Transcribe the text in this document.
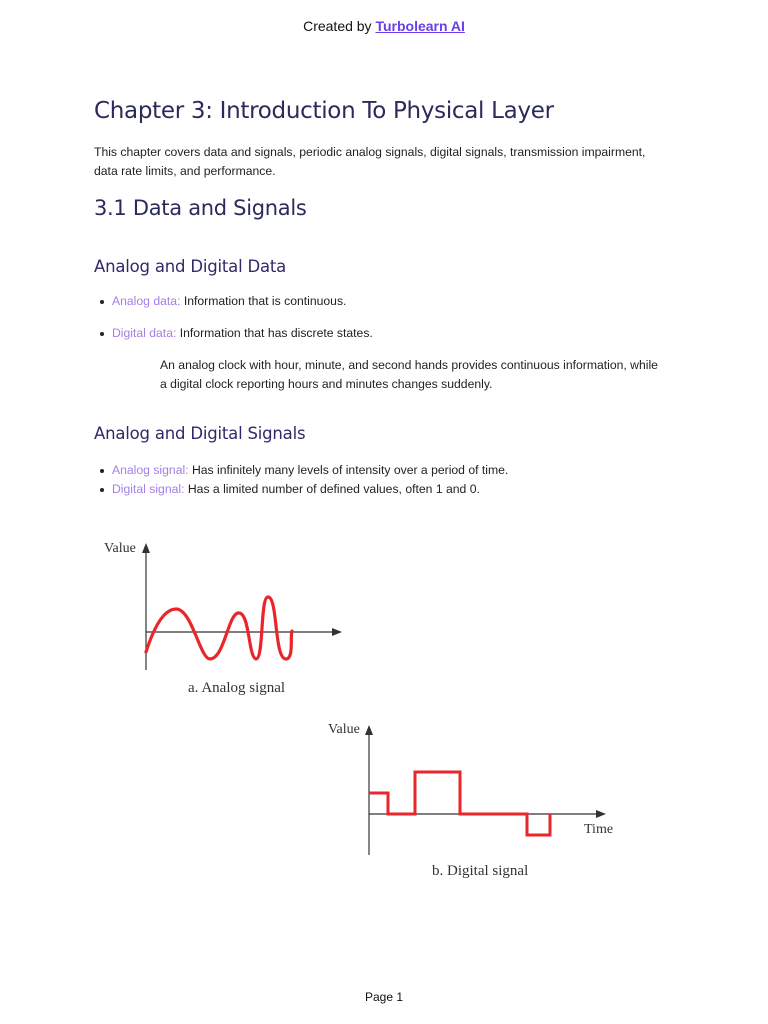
Created by Turbolearn AI
Chapter 3: Introduction To Physical Layer

This chapter covers data and signals, periodic analog signals, digital signals, transmission impairment, data rate limits, and performance.

3.1 Data and Signals
Analog and Digital Data
Analog data: Information that is continuous.
Digital data: Information that has discrete states.

An analog clock with hour, minute, and second hands provides continuous information, while a digital clock reporting hours and minutes changes suddenly.

Analog and Digital Signals
Analog signal: Has infinitely many levels of intensity over a period of time.
Digital signal: Has a limited number of defined values, often 1 and 0.
Value
a. Analog signal
Value
Time
b. Digital signal
Page 1
